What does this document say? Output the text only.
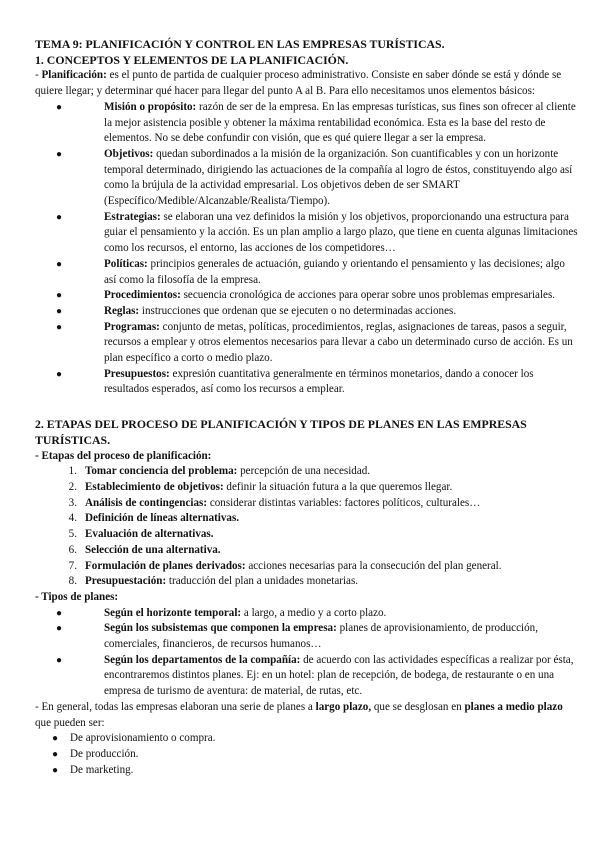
TEMA 9: PLANIFICACIÓN Y CONTROL EN LAS EMPRESAS TURÍSTICAS.
1. CONCEPTOS Y ELEMENTOS DE LA PLANIFICACIÓN.

- Planificación: es el punto de partida de cualquier proceso administrativo. Consiste en saber dónde se está y dónde se quiere llegar; y determinar qué hacer para llegar del punto A al B. Para ello necesitamos unos elementos básicos:

●	Misión o propósito: razón de ser de la empresa. En las empresas turísticas, sus fines son ofrecer al cliente la mejor asistencia posible y obtener la máxima rentabilidad económica. Esta es la base del resto de elementos. No se debe confundir con visión, que es qué quiere llegar a ser la empresa.
●	Objetivos: quedan subordinados a la misión de la organización. Son cuantificables y con un horizonte temporal determinado, dirigiendo las actuaciones de la compañía al logro de éstos, constituyendo algo así como la brújula de la actividad empresarial. Los objetivos deben de ser SMART (Específico/Medible/Alcanzable/Realista/Tiempo).
●	Estrategias: se elaboran una vez definidos la misión y los objetivos, proporcionando una estructura para guiar el pensamiento y la acción. Es un plan amplio a largo plazo, que tiene en cuenta algunas limitaciones como los recursos, el entorno, las acciones de los competidores…
●	Políticas: principios generales de actuación, guiando y orientando el pensamiento y las decisiones; algo así como la filosofía de la empresa.
●	Procedimientos: secuencia cronológica de acciones para operar sobre unos problemas empresariales.
●	Reglas: instrucciones que ordenan que se ejecuten o no determinadas acciones.
●	Programas: conjunto de metas, políticas, procedimientos, reglas, asignaciones de tareas, pasos a seguir, recursos a emplear y otros elementos necesarios para llevar a cabo un determinado curso de acción. Es un plan específico a corto o medio plazo.
●	Presupuestos: expresión cuantitativa generalmente en términos monetarios, dando a conocer los resultados esperados, así como los recursos a emplear.
2. ETAPAS DEL PROCESO DE PLANIFICACIÓN Y TIPOS DE PLANES EN LAS EMPRESAS TURÍSTICAS.

- Etapas del proceso de planificación:

1. Tomar conciencia del problema: percepción de una necesidad.
2. Establecimiento de objetivos: definir la situación futura a la que queremos llegar.
3. Análisis de contingencias: considerar distintas variables: factores políticos, culturales…
4. Definición de líneas alternativas.
5. Evaluación de alternativas.
6. Selección de una alternativa.
7. Formulación de planes derivados: acciones necesarias para la consecución del plan general.
8. Presupuestación: traducción del plan a unidades monetarias.

- Tipos de planes:

●	Según el horizonte temporal: a largo, a medio y a corto plazo.
●	Según los subsistemas que componen la empresa: planes de aprovisionamiento, de producción, comerciales, financieros, de recursos humanos…
●	Según los departamentos de la compañía: de acuerdo con las actividades específicas a realizar por ésta, encontraremos distintos planes. Ej: en un hotel: plan de recepción, de bodega, de restaurante o en una empresa de turismo de aventura: de material, de rutas, etc.

- En general, todas las empresas elaboran una serie de planes a largo plazo, que se desglosan en planes a medio plazo que pueden ser:

●	De aprovisionamiento o compra.
●	De producción.
●	De marketing.
